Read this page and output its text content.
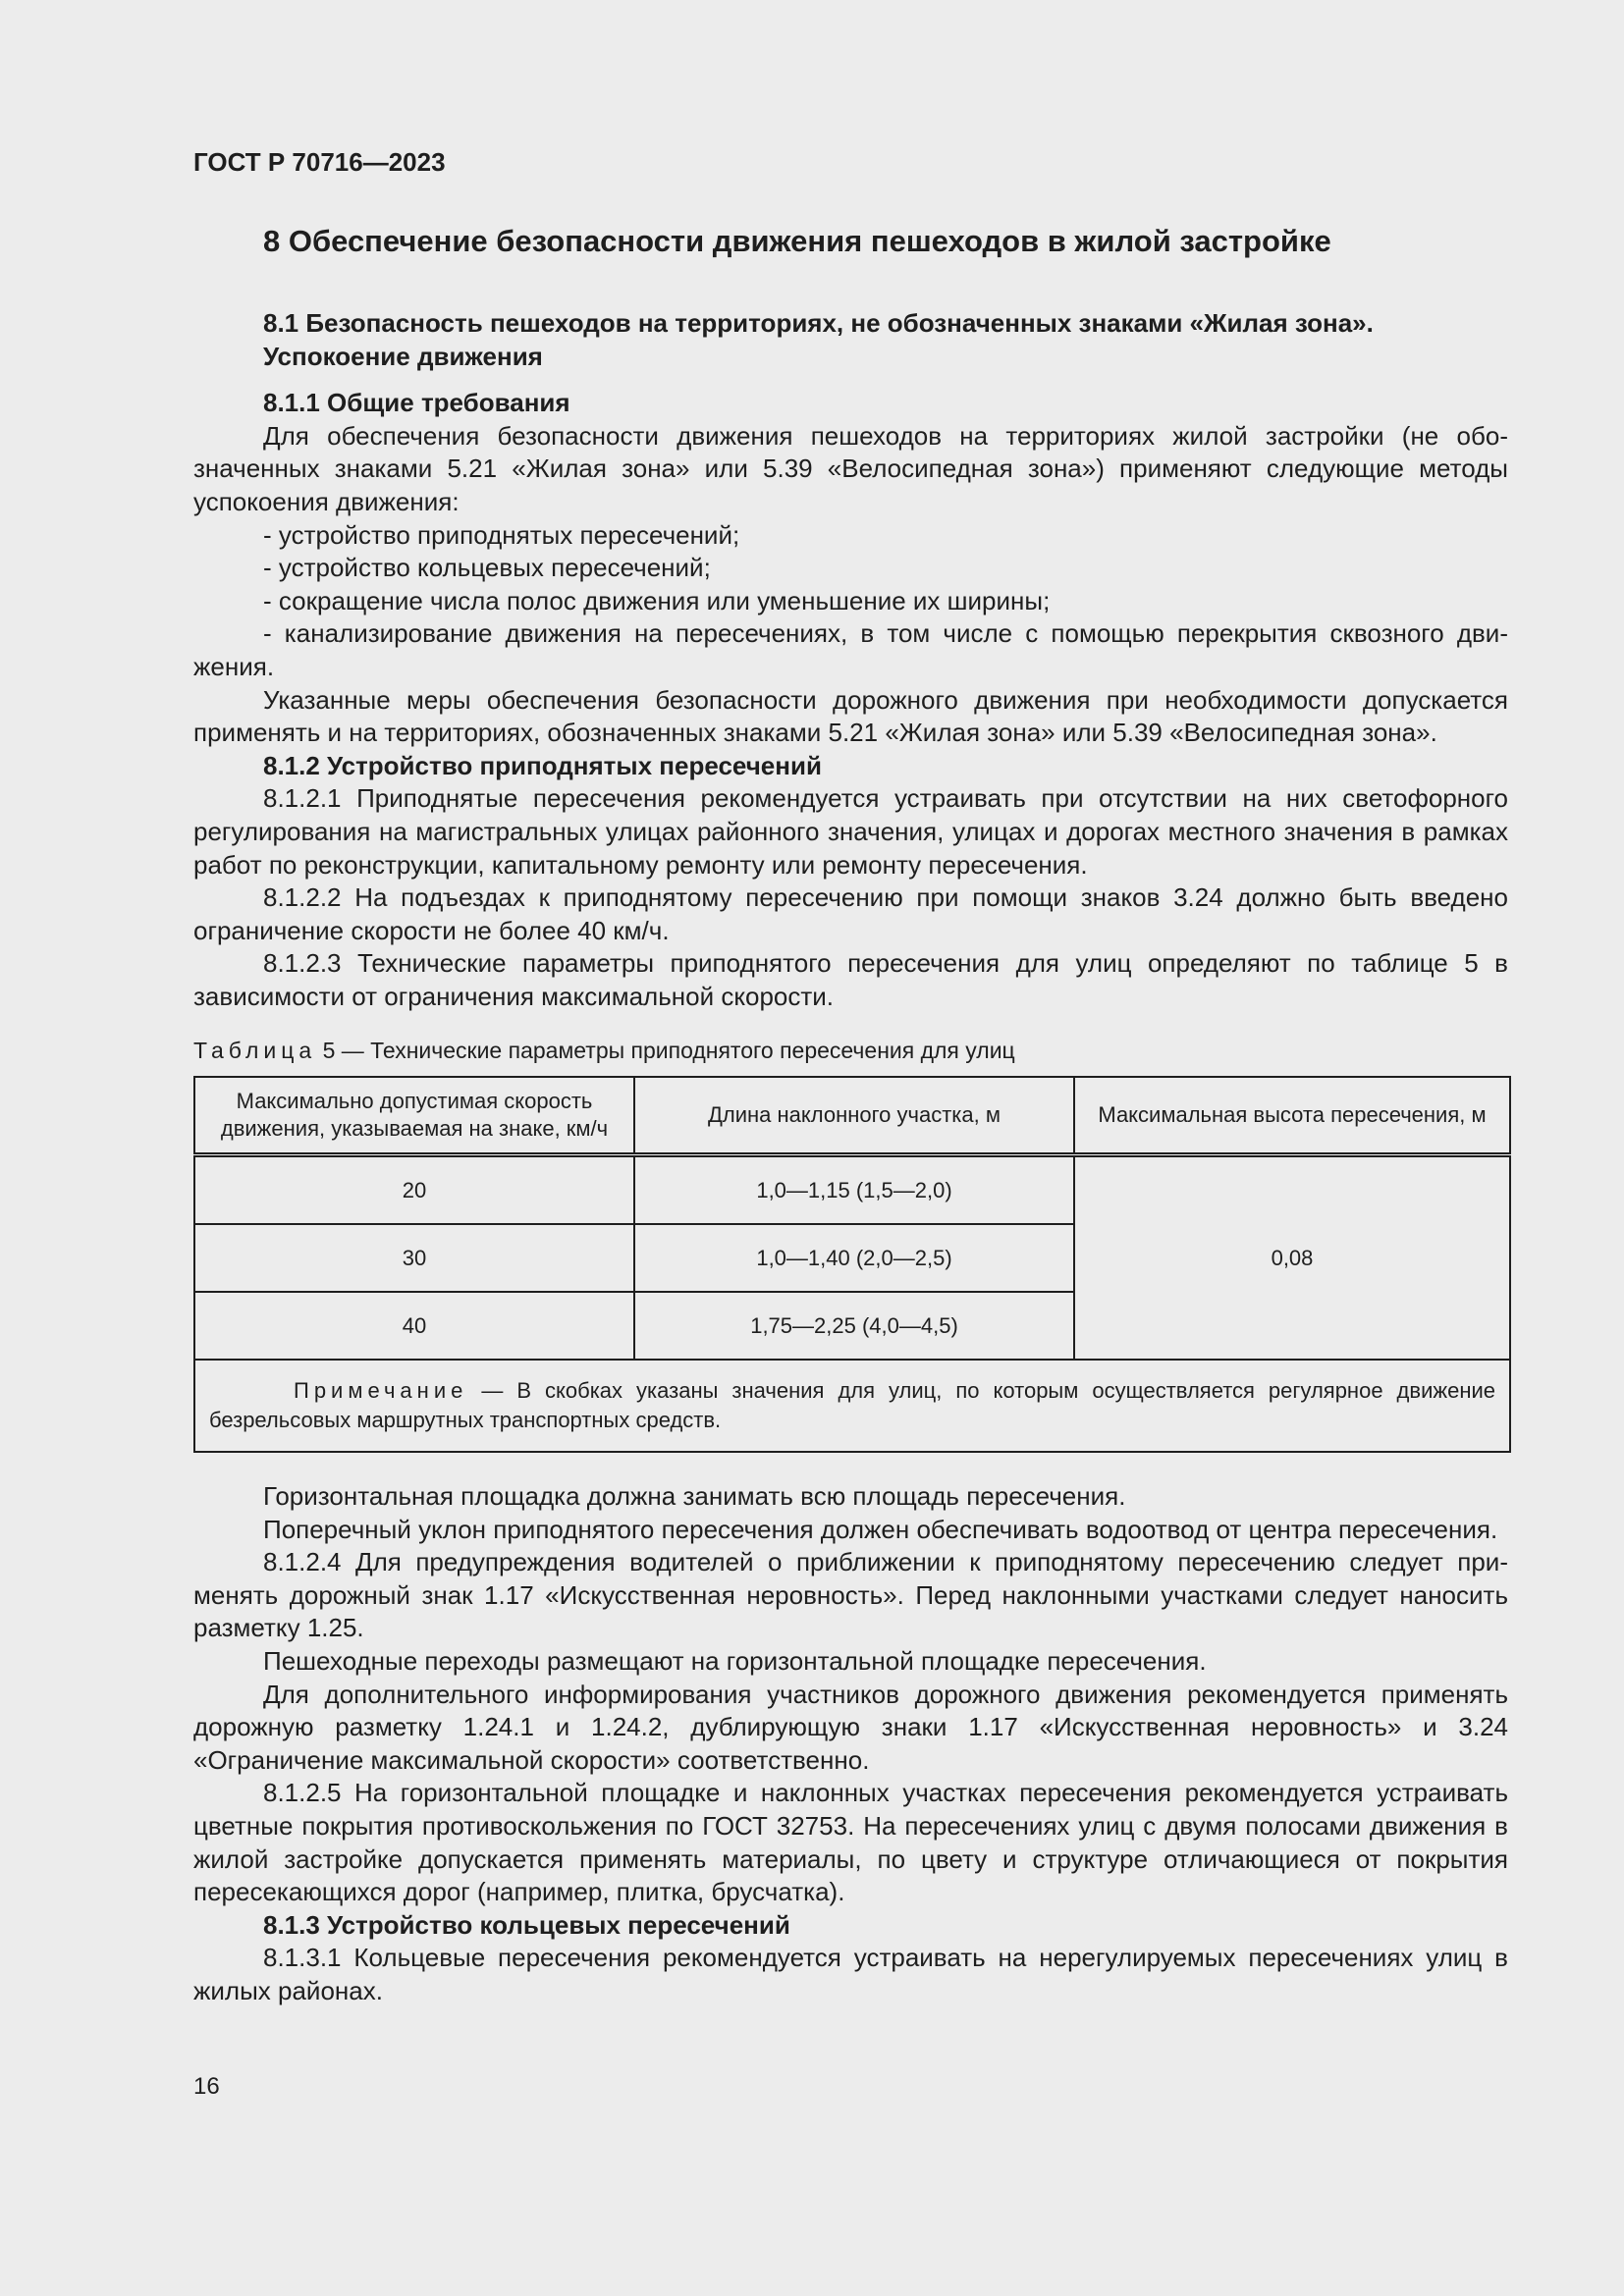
ГОСТ Р 70716—2023
8 Обеспечение безопасности движения пешеходов в жилой застройке
8.1 Безопасность пешеходов на территориях, не обозначенных знаками «Жилая зона».
Успокоение движения
8.1.1 Общие требования

Для обеспечения безопасности движения пешеходов на территориях жилой застройки (не обозначенных знаками 5.21 «Жилая зона» или 5.39 «Велосипедная зона») применяют следующие методы успокоения движения:

- устройство приподнятых пересечений;
- устройство кольцевых пересечений;
- сокращение числа полос движения или уменьшение их ширины;
- канализирование движения на пересечениях, в том числе с помощью перекрытия сквозного движения.

Указанные меры обеспечения безопасности дорожного движения при необходимости допускается применять и на территориях, обозначенных знаками 5.21 «Жилая зона» или 5.39 «Велосипедная зона».

8.1.2 Устройство приподнятых пересечений

8.1.2.1 Приподнятые пересечения рекомендуется устраивать при отсутствии на них светофорного регулирования на магистральных улицах районного значения, улицах и дорогах местного значения в рамках работ по реконструкции, капитальному ремонту или ремонту пересечения.

8.1.2.2 На подъездах к приподнятому пересечению при помощи знаков 3.24 должно быть введено ограничение скорости не более 40 км/ч.

8.1.2.3 Технические параметры приподнятого пересечения для улиц определяют по таблице 5 в зависимости от ограничения максимальной скорости.

Таблица 5 — Технические параметры приподнятого пересечения для улиц
Максимально допустимая скорость движения, указываемая на знаке, км/ч	Длина наклонного участка, м	Максимальная высота пересечения, м
20	1,0—1,15 (1,5—2,0)	0,08
30	1,0—1,40 (2,0—2,5)	
40	1,75—2,25 (4,0—4,5)	
Примечание — В скобках указаны значения для улиц, по которым осуществляется регулярное движение безрельсовых маршрутных транспортных средств.		

Горизонтальная площадка должна занимать всю площадь пересечения.

Поперечный уклон приподнятого пересечения должен обеспечивать водоотвод от центра пересечения.

8.1.2.4 Для предупреждения водителей о приближении к приподнятому пересечению следует применять дорожный знак 1.17 «Искусственная неровность». Перед наклонными участками следует наносить разметку 1.25.

Пешеходные переходы размещают на горизонтальной площадке пересечения.

Для дополнительного информирования участников дорожного движения рекомендуется применять дорожную разметку 1.24.1 и 1.24.2, дублирующую знаки 1.17 «Искусственная неровность» и 3.24 «Ограничение максимальной скорости» соответственно.

8.1.2.5 На горизонтальной площадке и наклонных участках пересечения рекомендуется устраивать цветные покрытия противоскольжения по ГОСТ 32753. На пересечениях улиц с двумя полосами движения в жилой застройке допускается применять материалы, по цвету и структуре отличающиеся от покрытия пересекающихся дорог (например, плитка, брусчатка).

8.1.3 Устройство кольцевых пересечений

8.1.3.1 Кольцевые пересечения рекомендуется устраивать на нерегулируемых пересечениях улиц в жилых районах.

16
